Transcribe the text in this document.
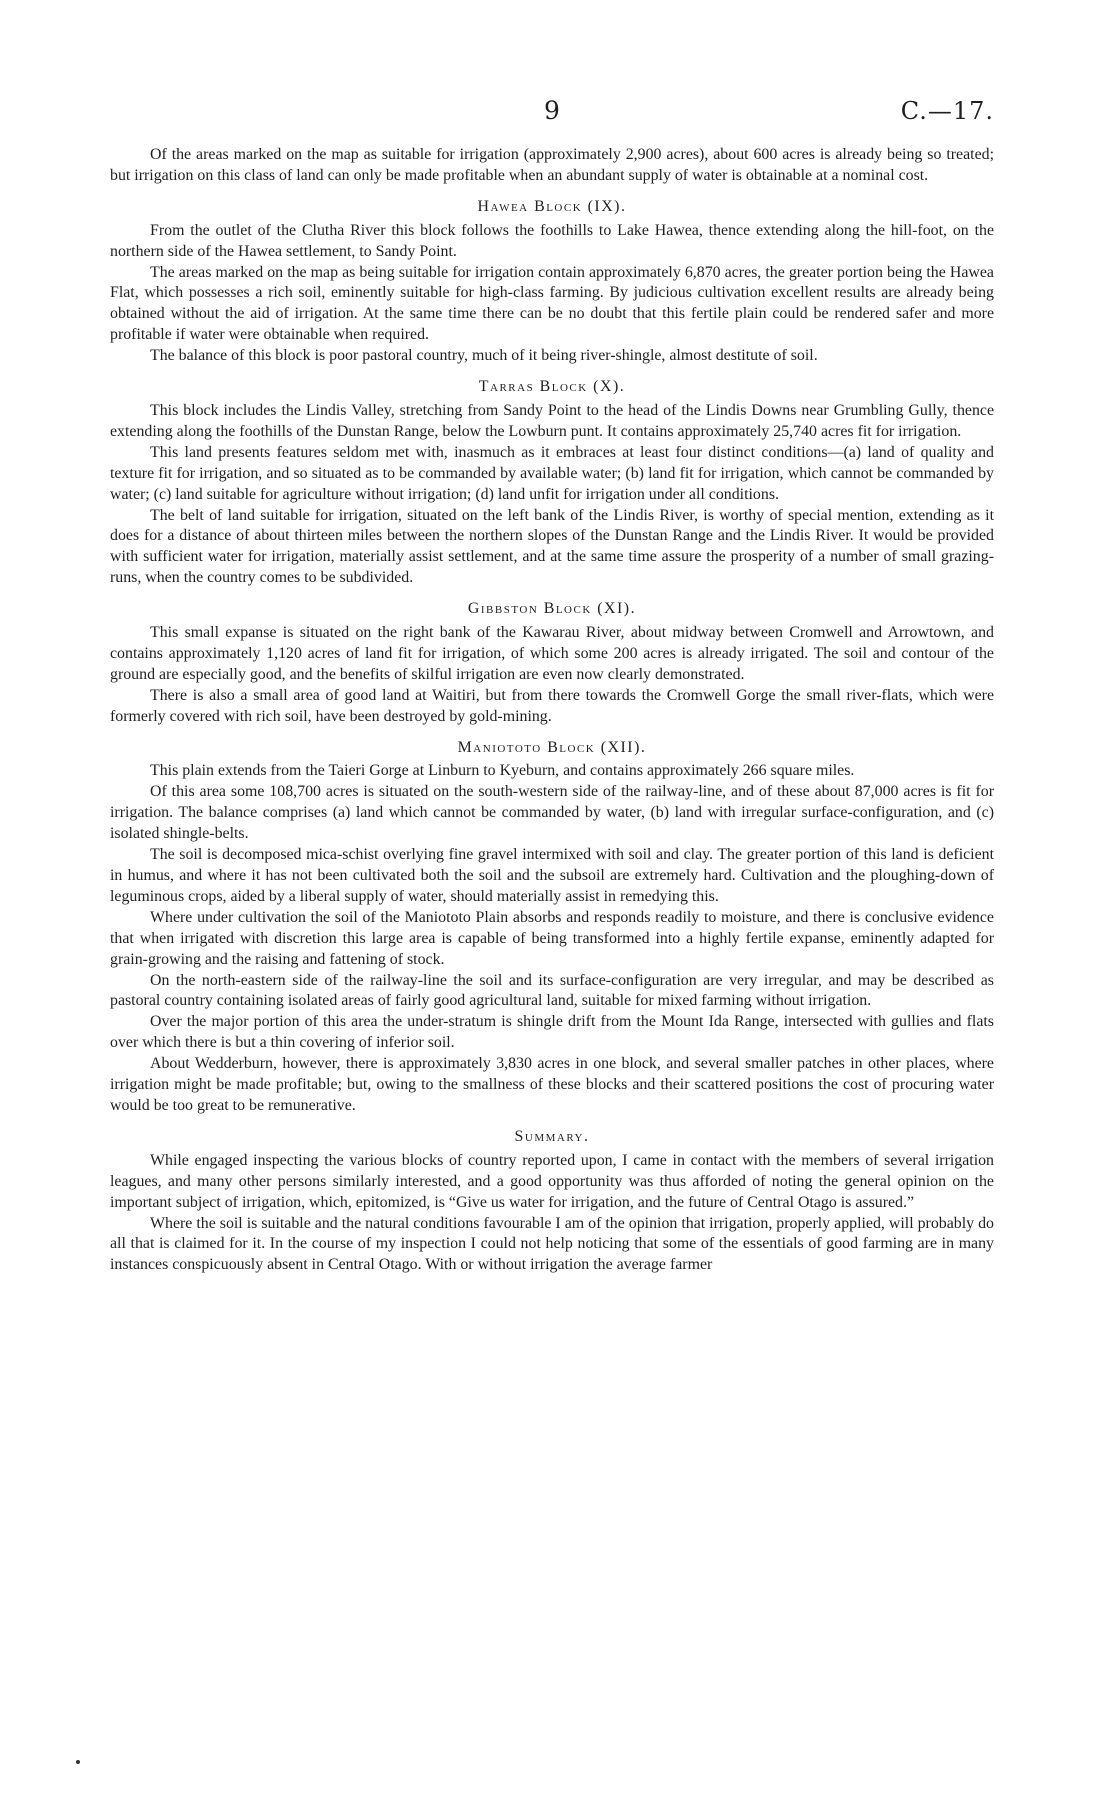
9	C.—17.

Of the areas marked on the map as suitable for irrigation (approximately 2,900 acres), about 600 acres is already being so treated; but irrigation on this class of land can only be made profitable when an abundant supply of water is obtainable at a nominal cost.

Hawea Block (IX).

From the outlet of the Clutha River this block follows the foothills to Lake Hawea, thence extending along the hill-foot, on the northern side of the Hawea settlement, to Sandy Point.

The areas marked on the map as being suitable for irrigation contain approximately 6,870 acres, the greater portion being the Hawea Flat, which possesses a rich soil, eminently suitable for high-class farming. By judicious cultivation excellent results are already being obtained without the aid of irrigation. At the same time there can be no doubt that this fertile plain could be rendered safer and more profitable if water were obtainable when required.

The balance of this block is poor pastoral country, much of it being river-shingle, almost destitute of soil.

Tarras Block (X).

This block includes the Lindis Valley, stretching from Sandy Point to the head of the Lindis Downs near Grumbling Gully, thence extending along the foothills of the Dunstan Range, below the Lowburn punt. It contains approximately 25,740 acres fit for irrigation.

This land presents features seldom met with, inasmuch as it embraces at least four distinct conditions—(a) land of quality and texture fit for irrigation, and so situated as to be commanded by available water; (b) land fit for irrigation, which cannot be commanded by water; (c) land suitable for agriculture without irrigation; (d) land unfit for irrigation under all conditions.

The belt of land suitable for irrigation, situated on the left bank of the Lindis River, is worthy of special mention, extending as it does for a distance of about thirteen miles between the northern slopes of the Dunstan Range and the Lindis River. It would be provided with sufficient water for irrigation, materially assist settlement, and at the same time assure the prosperity of a number of small grazing-runs, when the country comes to be subdivided.

Gibbston Block (XI).

This small expanse is situated on the right bank of the Kawarau River, about midway between Cromwell and Arrowtown, and contains approximately 1,120 acres of land fit for irrigation, of which some 200 acres is already irrigated. The soil and contour of the ground are especially good, and the benefits of skilful irrigation are even now clearly demonstrated.

There is also a small area of good land at Waitiri, but from there towards the Cromwell Gorge the small river-flats, which were formerly covered with rich soil, have been destroyed by gold-mining.

Maniototo Block (XII).

This plain extends from the Taieri Gorge at Linburn to Kyeburn, and contains approximately 266 square miles.

Of this area some 108,700 acres is situated on the south-western side of the railway-line, and of these about 87,000 acres is fit for irrigation. The balance comprises (a) land which cannot be commanded by water, (b) land with irregular surface-configuration, and (c) isolated shingle-belts.

The soil is decomposed mica-schist overlying fine gravel intermixed with soil and clay. The greater portion of this land is deficient in humus, and where it has not been cultivated both the soil and the subsoil are extremely hard. Cultivation and the ploughing-down of leguminous crops, aided by a liberal supply of water, should materially assist in remedying this.

Where under cultivation the soil of the Maniototo Plain absorbs and responds readily to moisture, and there is conclusive evidence that when irrigated with discretion this large area is capable of being transformed into a highly fertile expanse, eminently adapted for grain-growing and the raising and fattening of stock.

On the north-eastern side of the railway-line the soil and its surface-configuration are very irregular, and may be described as pastoral country containing isolated areas of fairly good agricultural land, suitable for mixed farming without irrigation.

Over the major portion of this area the under-stratum is shingle drift from the Mount Ida Range, intersected with gullies and flats over which there is but a thin covering of inferior soil.

About Wedderburn, however, there is approximately 3,830 acres in one block, and several smaller patches in other places, where irrigation might be made profitable; but, owing to the smallness of these blocks and their scattered positions the cost of procuring water would be too great to be remunerative.

Summary.

While engaged inspecting the various blocks of country reported upon, I came in contact with the members of several irrigation leagues, and many other persons similarly interested, and a good opportunity was thus afforded of noting the general opinion on the important subject of irrigation, which, epitomized, is “Give us water for irrigation, and the future of Central Otago is assured.”

Where the soil is suitable and the natural conditions favourable I am of the opinion that irrigation, properly applied, will probably do all that is claimed for it. In the course of my inspection I could not help noticing that some of the essentials of good farming are in many instances conspicuously absent in Central Otago. With or without irrigation the average farmer
